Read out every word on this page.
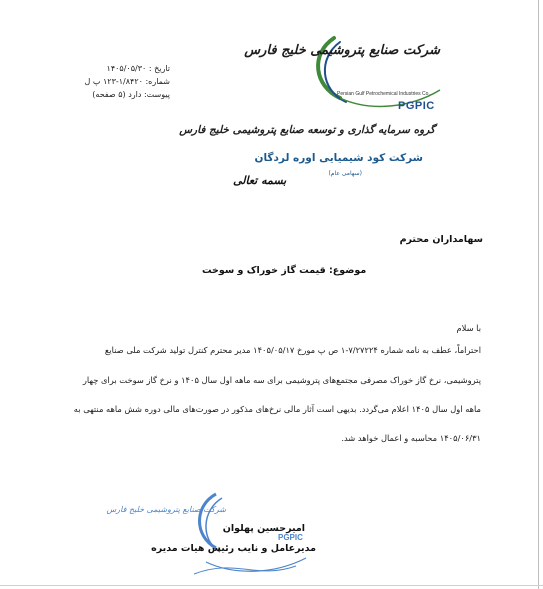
شرکت صنایع پتروشیمی خلیج فارس
Persian Gulf Petrochemical Industries Co.
PGPIC
گروه سرمایه گذاری و توسعه صنایع پتروشیمی خلیج فارس
شرکت کود شیمیایی اوره لردگان
(سهامی عام)
تاریخ : ۱۴۰۵/۰۵/۳۰
شماره: ۱/۸۴۲۰-۱۲۳ پ ل
پیوست: دارد (۵ صفحه)
بسمه تعالی
سهامداران محترم
موضوع: قیمت گاز خوراک و سوخت
با سلام
احتراماً، عطف به نامه شماره ۷/۲۷۲۲۴-۱ ص پ مورخ ۱۴۰۵/۰۵/۱۷ مدیر محترم کنترل تولید شرکت ملی صنایع
پتروشیمی، نرخ گاز خوراک مصرفی مجتمع‌های پتروشیمی برای سه ماهه اول سال ۱۴۰۵ و نرخ گاز سوخت برای چهار
ماهه اول سال ۱۴۰۵ اعلام می‌گردد. بدیهی است آثار مالی نرخ‌های مذکور در صورت‌های مالی دوره شش ماهه منتهی به
۱۴۰۵/۰۶/۳۱ محاسبه و اعمال خواهد شد.
شرکت صنایع پتروشیمی خلیج فارس
PGPIC
امیرحسین پهلوان
مدیرعامل و نایب رئیس هیات مدیره
